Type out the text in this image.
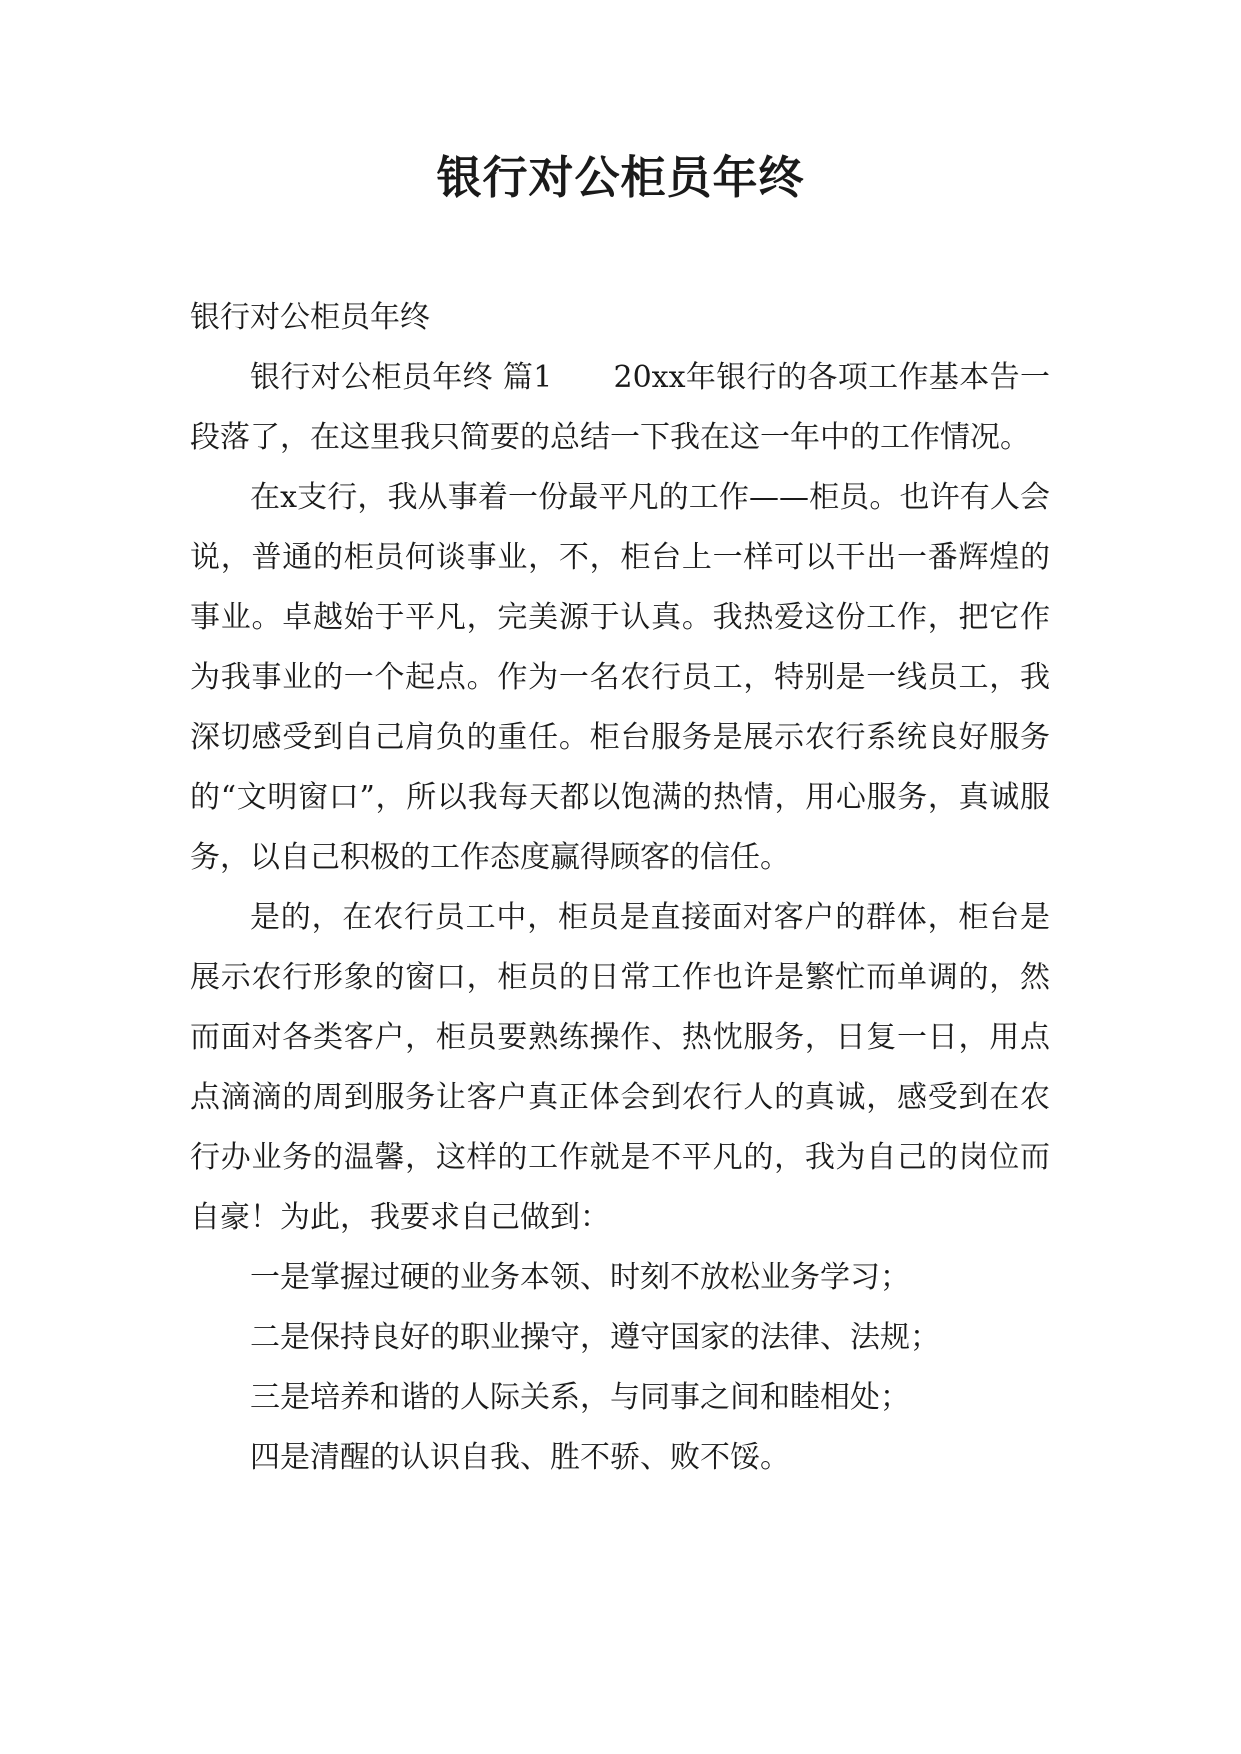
银行对公柜员年终

银行对公柜员年终

银行对公柜员年终 篇1　　20xx年银行的各项工作基本告一段落了，在这里我只简要的总结一下我在这一年中的工作情况。

在x支行，我从事着一份最平凡的工作——柜员。也许有人会说，普通的柜员何谈事业，不，柜台上一样可以干出一番辉煌的事业。卓越始于平凡，完美源于认真。我热爱这份工作，把它作为我事业的一个起点。作为一名农行员工，特别是一线员工，我深切感受到自己肩负的重任。柜台服务是展示农行系统良好服务的“文明窗口”，所以我每天都以饱满的热情，用心服务，真诚服务，以自己积极的工作态度赢得顾客的信任。

是的，在农行员工中，柜员是直接面对客户的群体，柜台是展示农行形象的窗口，柜员的日常工作也许是繁忙而单调的，然而面对各类客户，柜员要熟练操作、热忱服务，日复一日，用点点滴滴的周到服务让客户真正体会到农行人的真诚，感受到在农行办业务的温馨，这样的工作就是不平凡的，我为自己的岗位而自豪！为此，我要求自己做到：

一是掌握过硬的业务本领、时刻不放松业务学习；

二是保持良好的职业操守，遵守国家的法律、法规；

三是培养和谐的人际关系，与同事之间和睦相处；

四是清醒的认识自我、胜不骄、败不馁。
